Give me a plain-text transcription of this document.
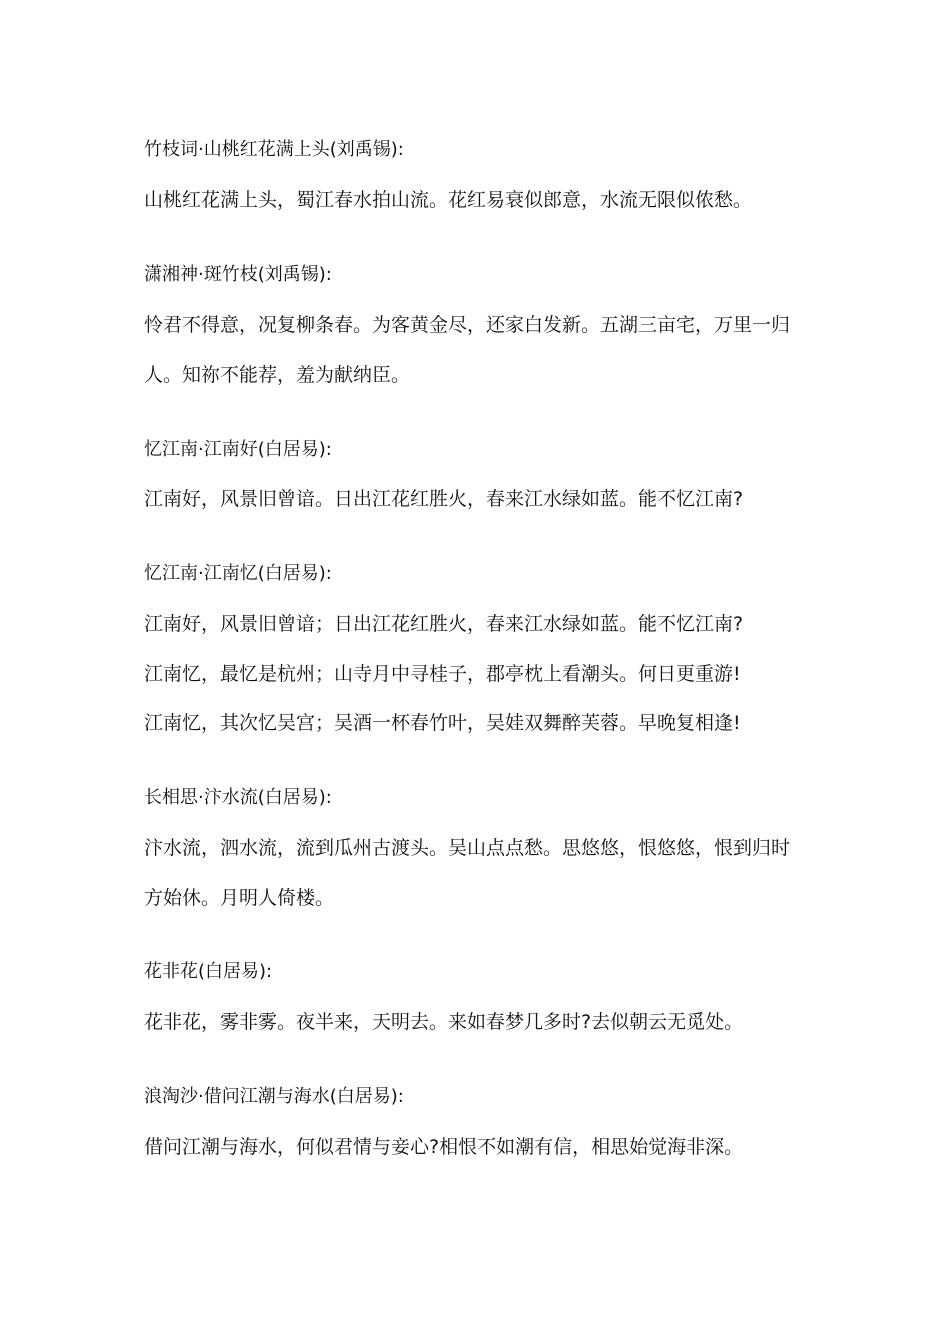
竹枝词·山桃红花满上头(刘禹锡):
山桃红花满上头，蜀江春水拍山流。花红易衰似郎意，水流无限似侬愁。
潇湘神·斑竹枝(刘禹锡):
怜君不得意，况复柳条春。为客黄金尽，还家白发新。五湖三亩宅，万里一归
人。知祢不能荐，羞为献纳臣。
忆江南·江南好(白居易):
江南好，风景旧曾谙。日出江花红胜火，春来江水绿如蓝。能不忆江南?
忆江南·江南忆(白居易):
江南好，风景旧曾谙；日出江花红胜火，春来江水绿如蓝。能不忆江南?
江南忆，最忆是杭州；山寺月中寻桂子，郡亭枕上看潮头。何日更重游!
江南忆，其次忆吴宫；吴酒一杯春竹叶，吴娃双舞醉芙蓉。早晚复相逢!
长相思·汴水流(白居易):
汴水流，泗水流，流到瓜州古渡头。吴山点点愁。思悠悠，恨悠悠，恨到归时
方始休。月明人倚楼。
花非花(白居易):
花非花，雾非雾。夜半来，天明去。来如春梦几多时?去似朝云无觅处。
浪淘沙·借问江潮与海水(白居易):
借问江潮与海水，何似君情与妾心?相恨不如潮有信，相思始觉海非深。
